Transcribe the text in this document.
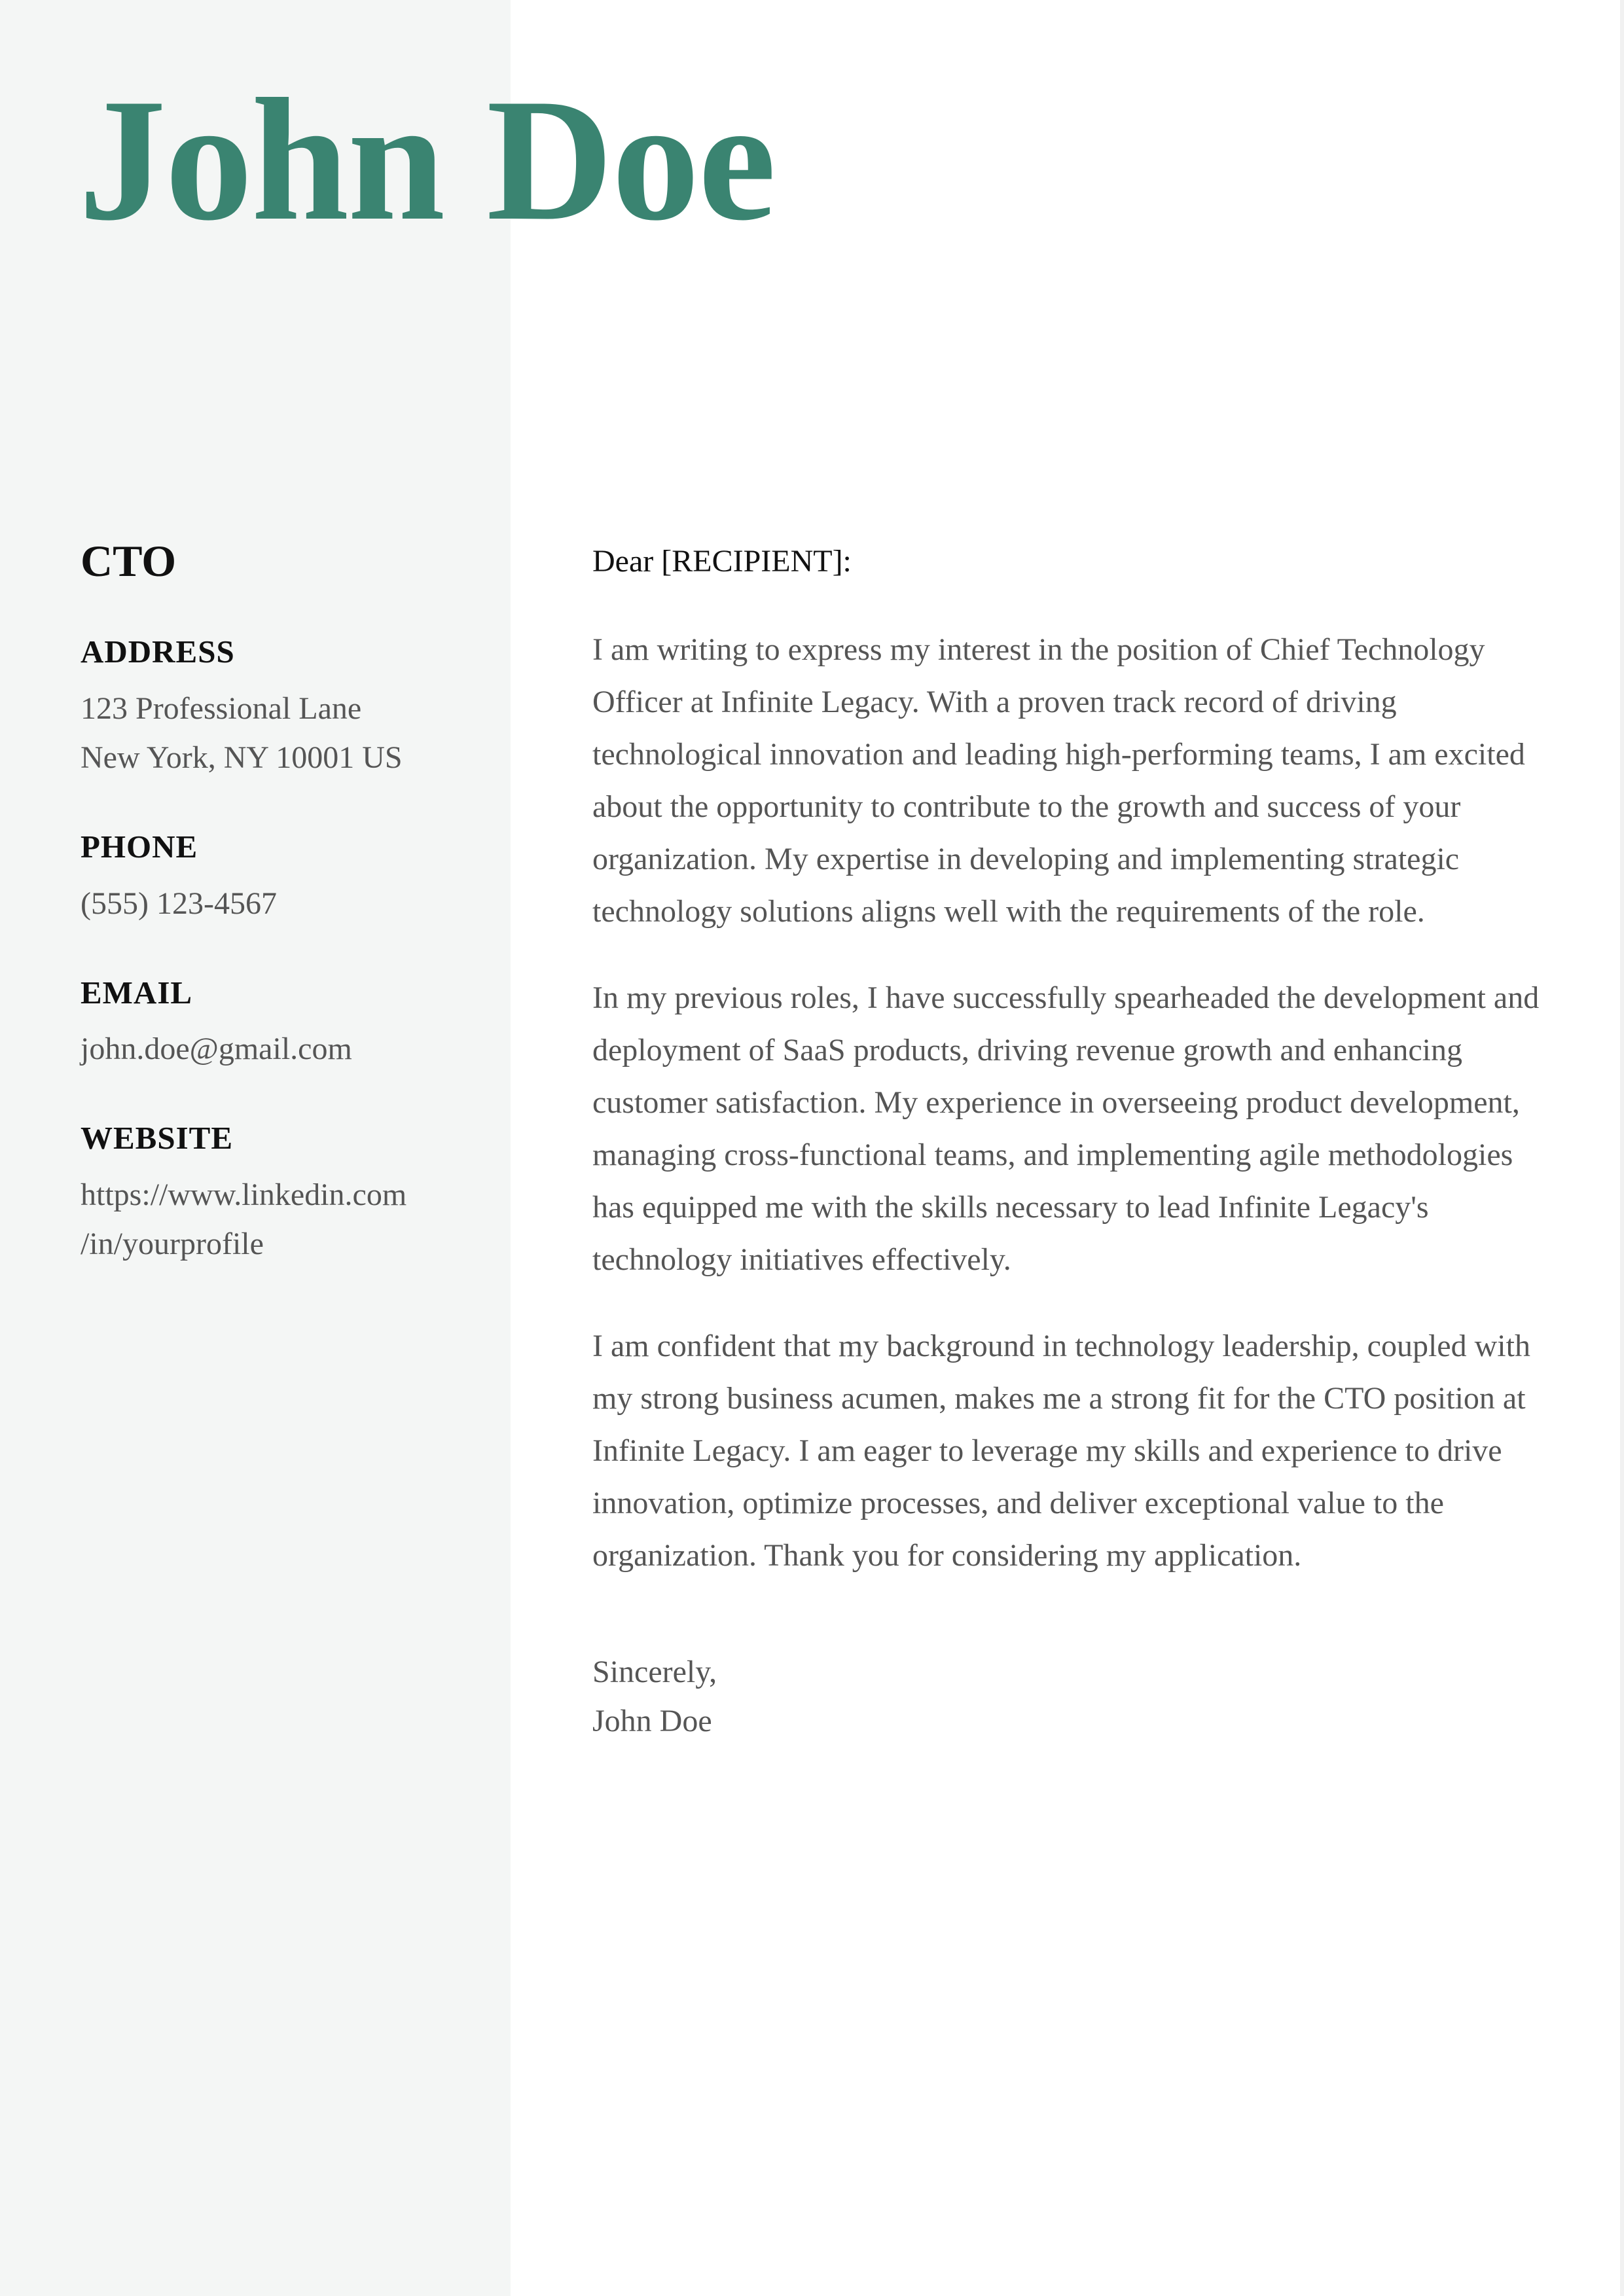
John Doe
CTO
ADDRESS
123 Professional Lane
New York, NY 10001 US
PHONE
(555) 123-4567
EMAIL
john.doe@gmail.com
WEBSITE
https://www.linkedin.com
/in/yourprofile

Dear [RECIPIENT]:

I am writing to express my interest in the position of Chief Technology Officer at Infinite Legacy. With a proven track record of driving technological innovation and leading high-performing teams, I am excited about the opportunity to contribute to the growth and success of your organization. My expertise in developing and implementing strategic technology solutions aligns well with the requirements of the role.

In my previous roles, I have successfully spearheaded the development and deployment of SaaS products, driving revenue growth and enhancing customer satisfaction. My experience in overseeing product development, managing cross-functional teams, and implementing agile methodologies has equipped me with the skills necessary to lead Infinite Legacy's technology initiatives effectively.

I am confident that my background in technology leadership, coupled with my strong business acumen, makes me a strong fit for the CTO position at Infinite Legacy. I am eager to leverage my skills and experience to drive innovation, optimize processes, and deliver exceptional value to the organization. Thank you for considering my application.

Sincerely,
John Doe
